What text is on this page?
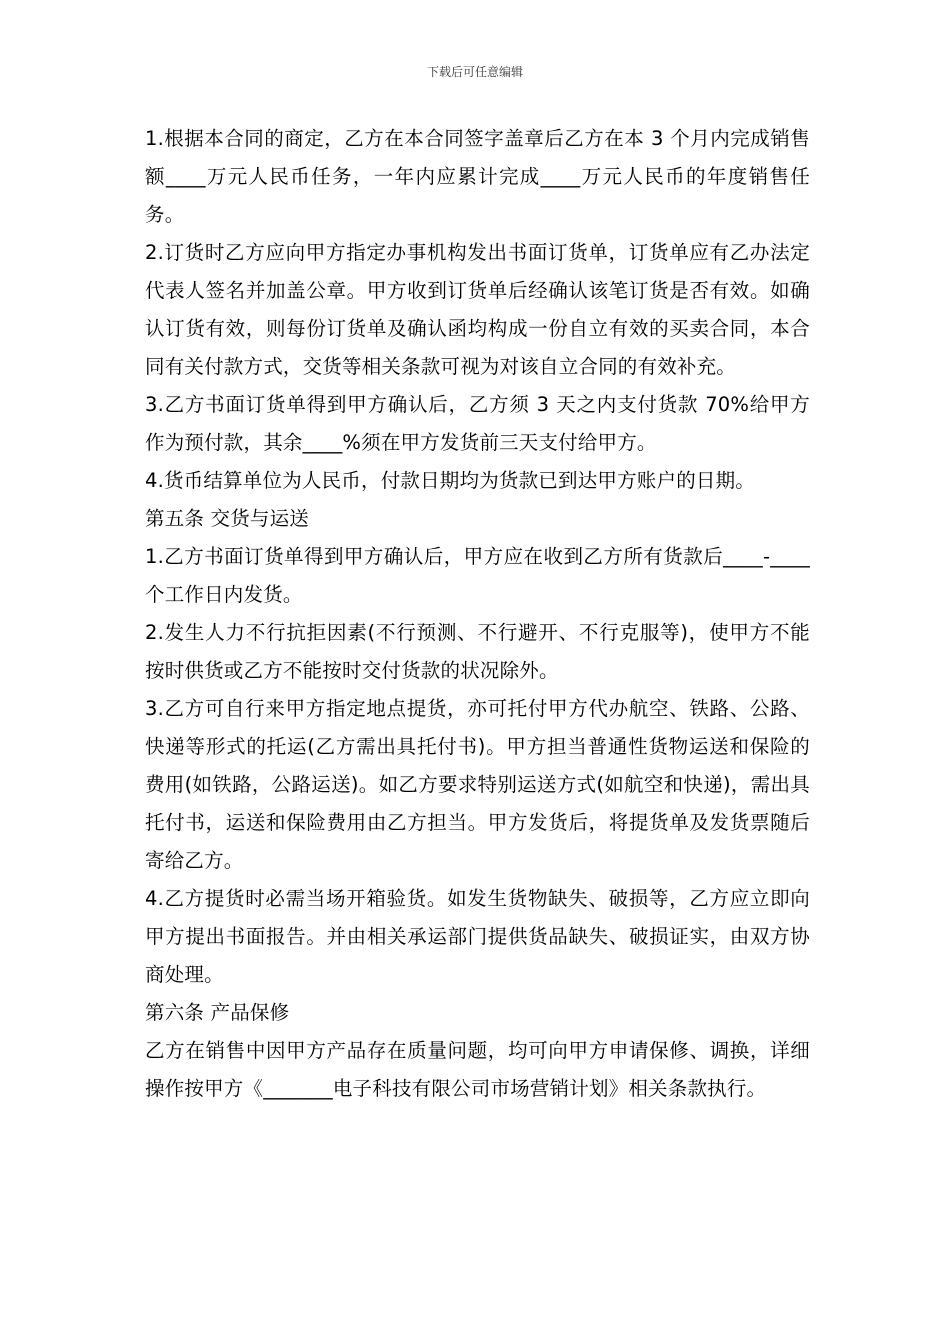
下载后可任意编辑

1.根据本合同的商定，乙方在本合同签字盖章后乙方在本 3 个月内完成销售额____万元人民币任务，一年内应累计完成____万元人民币的年度销售任务。

2.订货时乙方应向甲方指定办事机构发出书面订货单，订货单应有乙办法定代表人签名并加盖公章。甲方收到订货单后经确认该笔订货是否有效。如确认订货有效，则每份订货单及确认函均构成一份自立有效的买卖合同，本合同有关付款方式，交货等相关条款可视为对该自立合同的有效补充。

3.乙方书面订货单得到甲方确认后，乙方须 3 天之内支付货款 70%给甲方作为预付款，其余____%须在甲方发货前三天支付给甲方。

4.货币结算单位为人民币，付款日期均为货款已到达甲方账户的日期。

第五条 交货与运送

1.乙方书面订货单得到甲方确认后，甲方应在收到乙方所有货款后____-____个工作日内发货。

2.发生人力不行抗拒因素(不行预测、不行避开、不行克服等)，使甲方不能按时供货或乙方不能按时交付货款的状况除外。

3.乙方可自行来甲方指定地点提货，亦可托付甲方代办航空、铁路、公路、快递等形式的托运(乙方需出具托付书)。甲方担当普通性货物运送和保险的费用(如铁路，公路运送)。如乙方要求特别运送方式(如航空和快递)，需出具托付书，运送和保险费用由乙方担当。甲方发货后，将提货单及发货票随后寄给乙方。

4.乙方提货时必需当场开箱验货。如发生货物缺失、破损等，乙方应立即向甲方提出书面报告。并由相关承运部门提供货品缺失、破损证实，由双方协商处理。

第六条 产品保修

乙方在销售中因甲方产品存在质量问题，均可向甲方申请保修、调换，详细操作按甲方《_______电子科技有限公司市场营销计划》相关条款执行。
